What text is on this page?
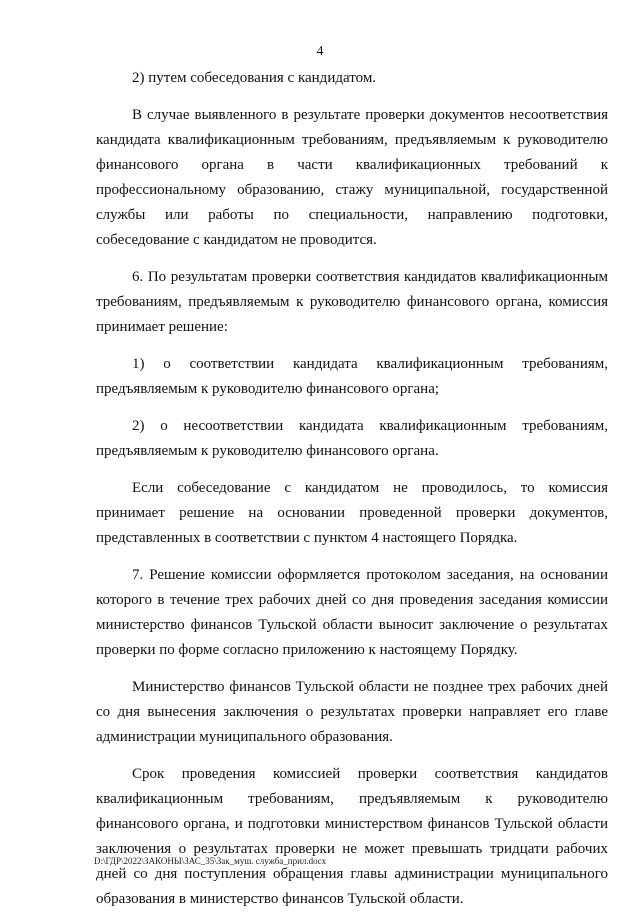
4

2) путем собеседования с кандидатом.

В случае выявленного в результате проверки документов несоответствия кандидата квалификационным требованиям, предъявляемым к руководителю финансового органа в части квалификационных требований к профессиональному образованию, стажу муниципальной, государственной службы или работы по специальности, направлению подготовки, собеседование с кандидатом не проводится.

6. По результатам проверки соответствия кандидатов квалификационным требованиям, предъявляемым к руководителю финансового органа, комиссия принимает решение:

1) о соответствии кандидата квалификационным требованиям, предъявляемым к руководителю финансового органа;

2) о несоответствии кандидата квалификационным требованиям, предъявляемым к руководителю финансового органа.

Если собеседование с кандидатом не проводилось, то комиссия принимает решение на основании проведенной проверки документов, представленных в соответствии с пунктом 4 настоящего Порядка.

7. Решение комиссии оформляется протоколом заседания, на основании которого в течение трех рабочих дней со дня проведения заседания комиссии министерство финансов Тульской области выносит заключение о результатах проверки по форме согласно приложению к настоящему Порядку.

Министерство финансов Тульской области не позднее трех рабочих дней со дня вынесения заключения о результатах проверки направляет его главе администрации муниципального образования.

Срок проведения комиссией проверки соответствия кандидатов квалификационным требованиям, предъявляемым к руководителю финансового органа, и подготовки министерством финансов Тульской области заключения о результатах проверки не может превышать тридцати рабочих дней со дня поступления обращения главы администрации муниципального образования в министерство финансов Тульской области.

D:\ГДР\2022\ЗАКОНЫ\ЗАС_35\Зак_муш. служба_прил.docx
